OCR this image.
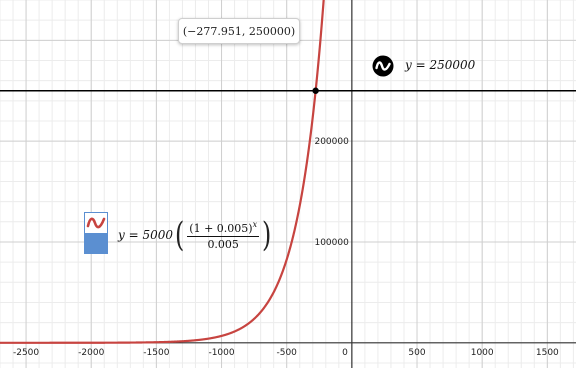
-2500	-2000	-1500	-1000	-500	0	500	1000	1500
100000
200000
(−277.951, 250000)
y = 250000
y = 5000 ( $\frac{(1 + 0.005)^x}{0.005}$ )
